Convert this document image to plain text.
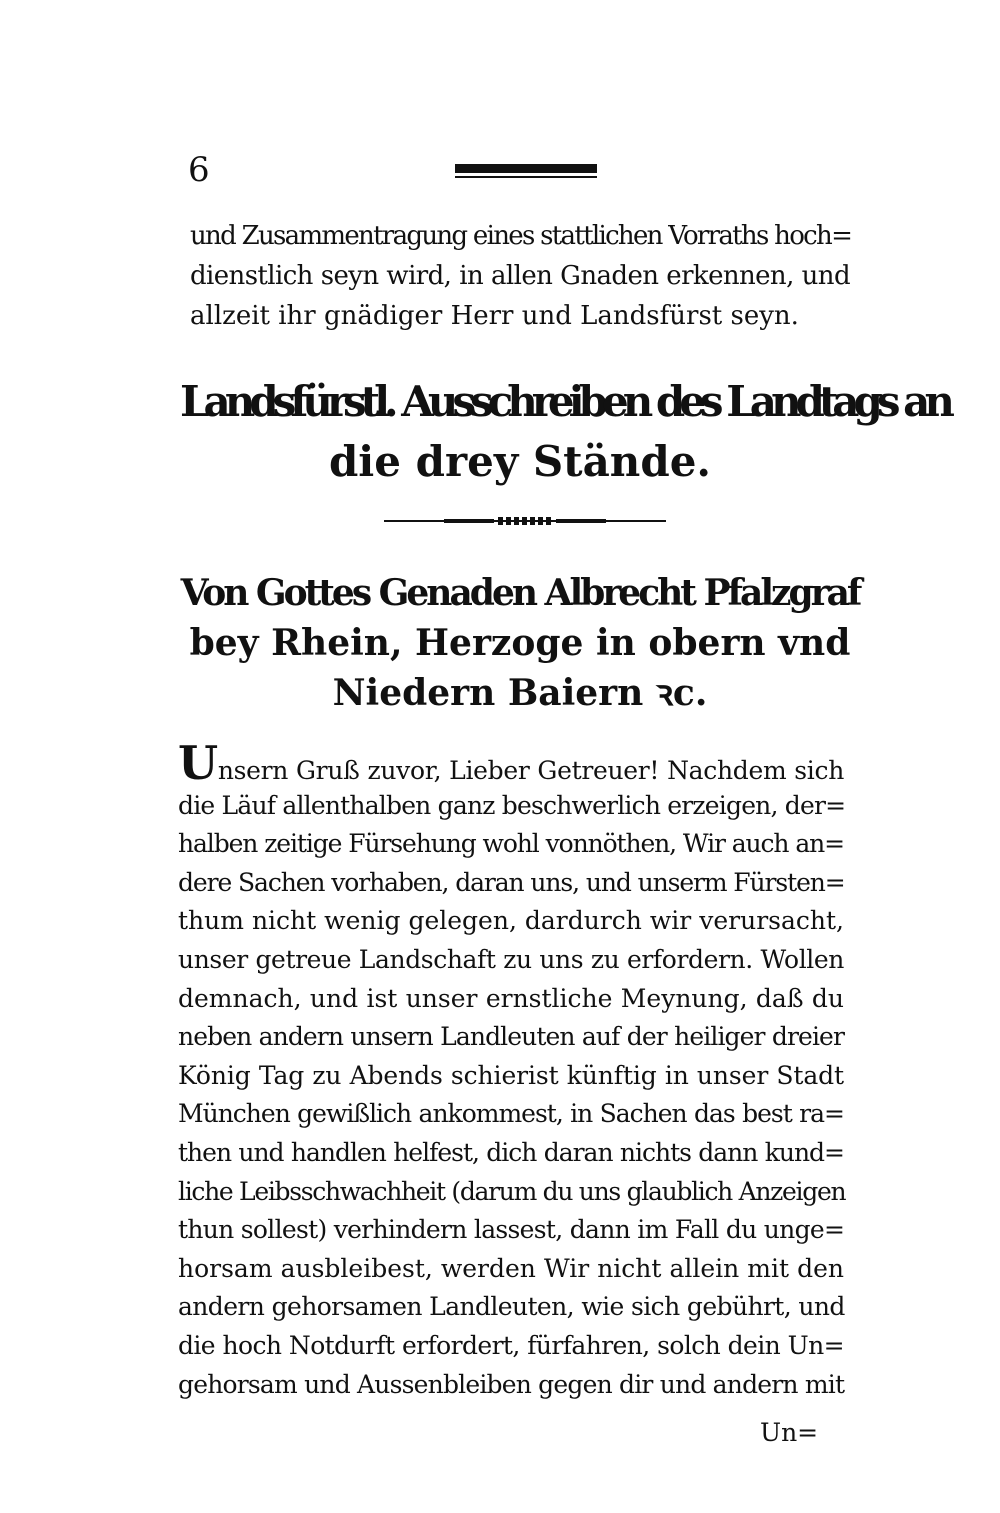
6
und Zusammentragung eines stattlichen Vorraths hoch=
dienstlich seyn wird, in allen Gnaden erkennen, und
allzeit ihr gnädiger Herr und Landsfürst seyn.
Landsfürstl. Ausschreiben des Landtags an
die drey Stände.
Von Gottes Genaden Albrecht Pfalzgraf
bey Rhein, Herzoge in obern vnd
Niedern Baiern ꝛc.
Unsern Gruß zuvor, Lieber Getreuer! Nachdem sich
die Läuf allenthalben ganz beschwerlich erzeigen, der=
halben zeitige Fürsehung wohl vonnöthen, Wir auch an=
dere Sachen vorhaben, daran uns, und unserm Fürsten=
thum nicht wenig gelegen, dardurch wir verursacht,
unser getreue Landschaft zu uns zu erfordern. Wollen
demnach, und ist unser ernstliche Meynung, daß du
neben andern unsern Landleuten auf der heiliger dreier
König Tag zu Abends schierist künftig in unser Stadt
München gewißlich ankommest, in Sachen das best ra=
then und handlen helfest, dich daran nichts dann kund=
liche Leibsschwachheit (darum du uns glaublich Anzeigen
thun sollest) verhindern lassest, dann im Fall du unge=
horsam ausbleibest, werden Wir nicht allein mit den
andern gehorsamen Landleuten, wie sich gebührt, und
die hoch Notdurft erfordert, fürfahren, solch dein Un=
gehorsam und Aussenbleiben gegen dir und andern mit
Un=
